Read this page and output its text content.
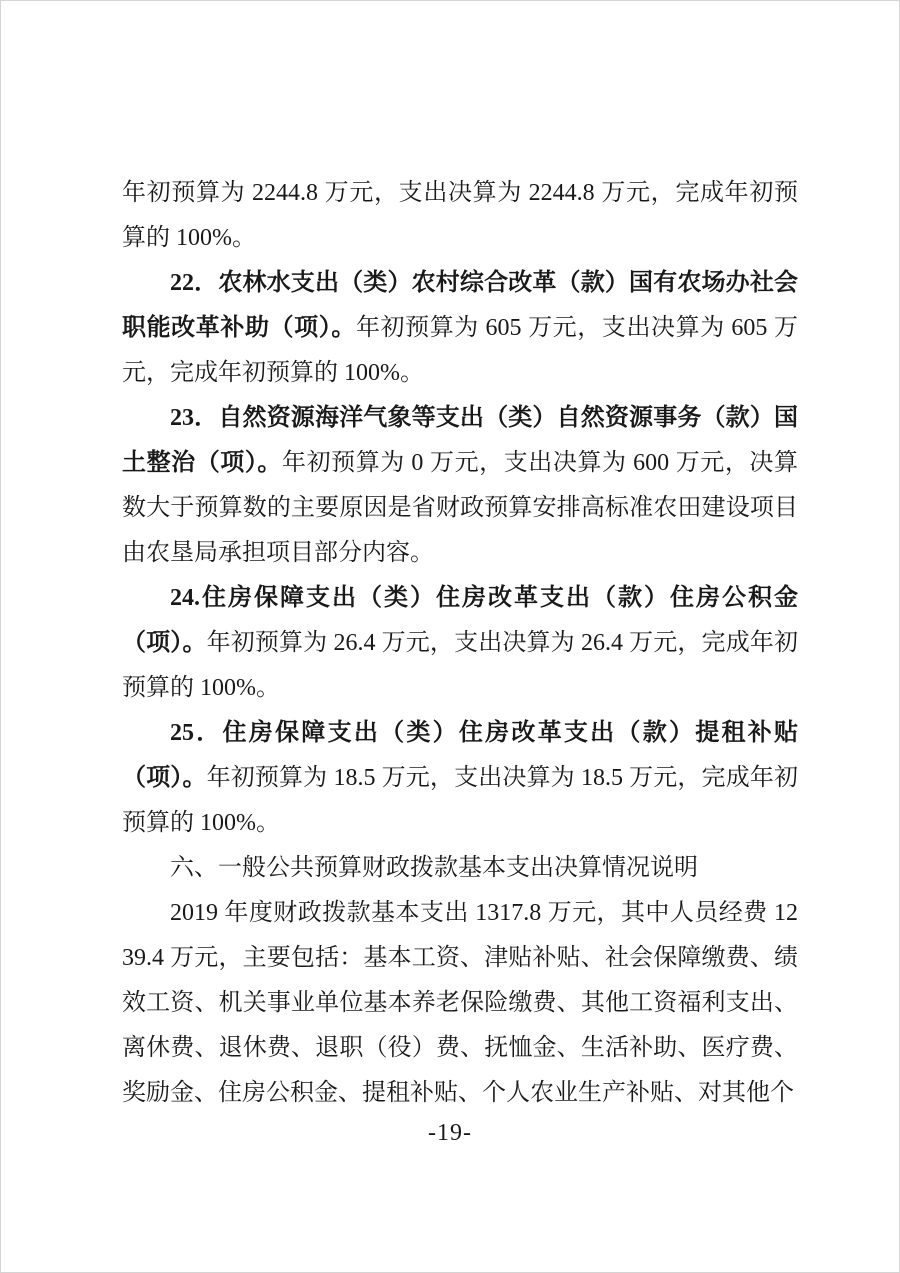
年初预算为 2244.8 万元，支出决算为 2244.8 万元，完成年初预算的 100%。

22．农林水支出（类）农村综合改革（款）国有农场办社会职能改革补助（项）。年初预算为 605 万元，支出决算为 605 万元，完成年初预算的 100%。

23．自然资源海洋气象等支出（类）自然资源事务（款）国土整治（项）。年初预算为 0 万元，支出决算为 600 万元，决算数大于预算数的主要原因是省财政预算安排高标准农田建设项目由农垦局承担项目部分内容。

24.住房保障支出（类）住房改革支出（款）住房公积金（项）。年初预算为 26.4 万元，支出决算为 26.4 万元，完成年初预算的 100%。

25．住房保障支出（类）住房改革支出（款）提租补贴（项）。年初预算为 18.5 万元，支出决算为 18.5 万元，完成年初预算的 100%。

六、一般公共预算财政拨款基本支出决算情况说明

2019 年度财政拨款基本支出 1317.8 万元，其中人员经费 1239.4 万元，主要包括：基本工资、津贴补贴、社会保障缴费、绩效工资、机关事业单位基本养老保险缴费、其他工资福利支出、离休费、退休费、退职（役）费、抚恤金、生活补助、医疗费、奖励金、住房公积金、提租补贴、个人农业生产补贴、对其他个

-19-
